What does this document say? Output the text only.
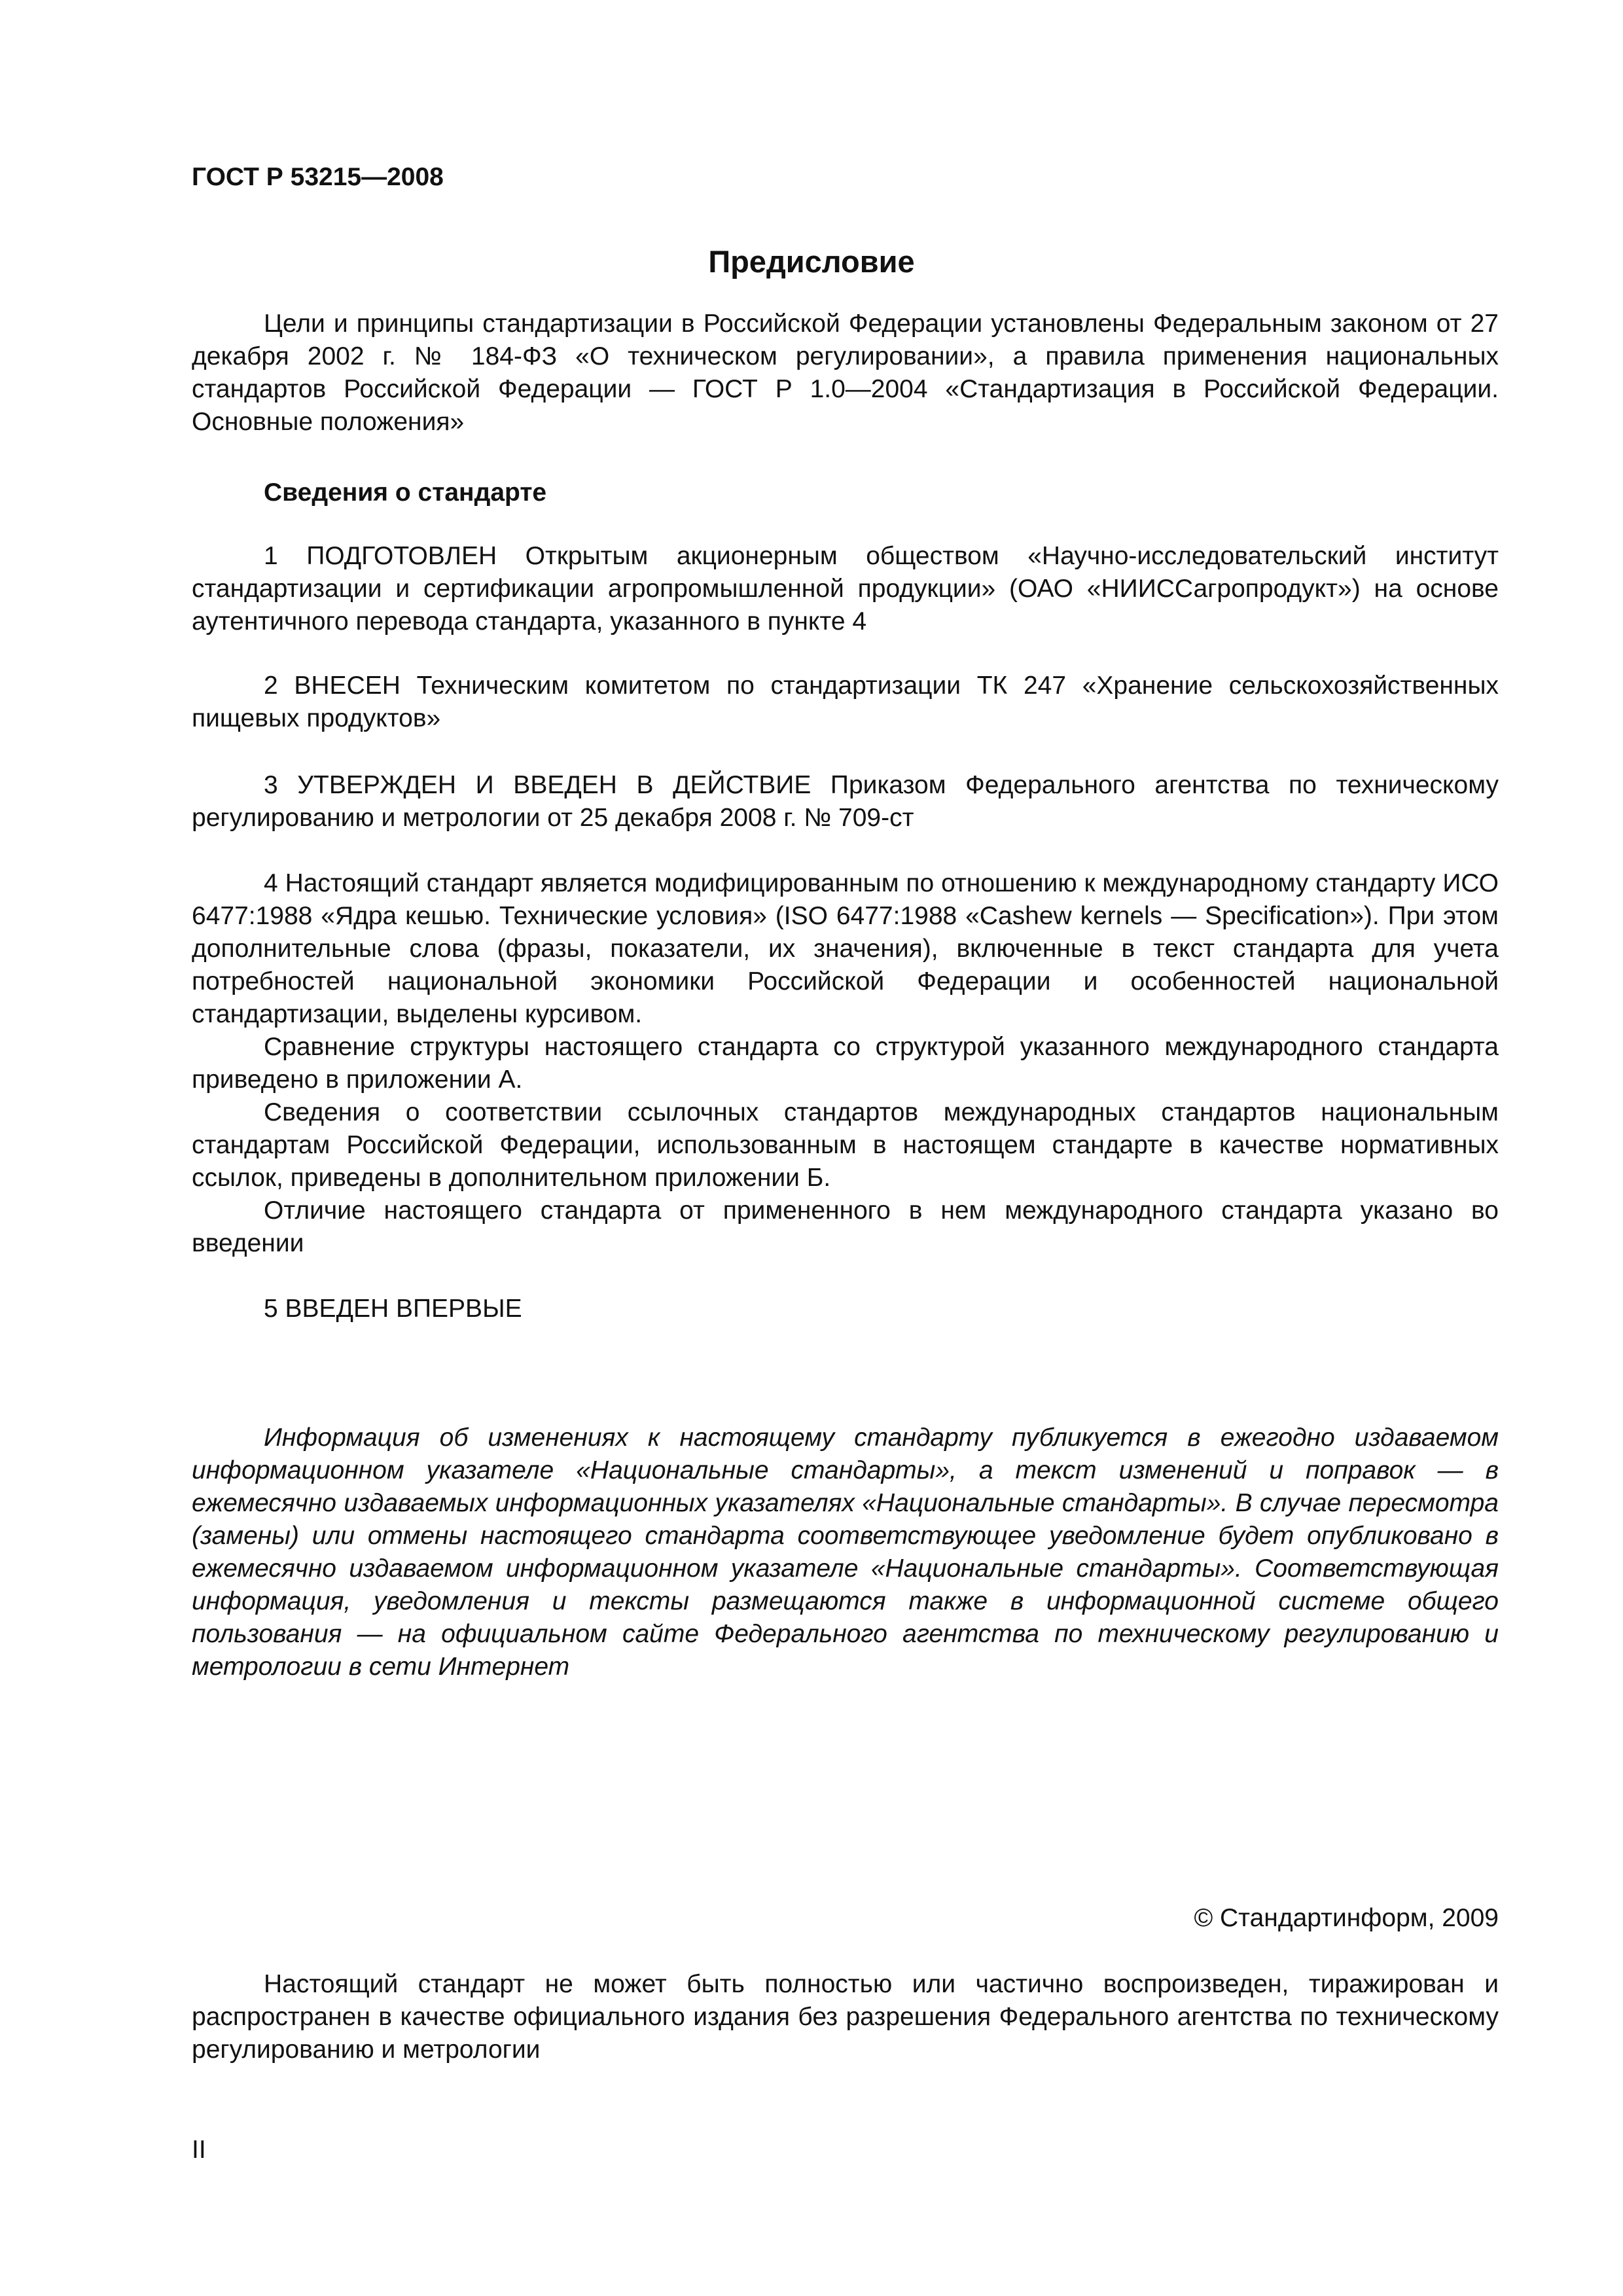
ГОСТ Р 53215—2008

Предисловие

Цели и принципы стандартизации в Российской Федерации установлены Федеральным законом от 27 декабря 2002 г. № 184-ФЗ «О техническом регулировании», а правила применения национальных стандартов Российской Федерации — ГОСТ Р 1.0—2004 «Стандартизация в Российской Федерации. Основные положения»

Сведения о стандарте

1 ПОДГОТОВЛЕН Открытым акционерным обществом «Научно-исследовательский институт стандартизации и сертификации агропромышленной продукции» (ОАО «НИИССагропродукт») на основе аутентичного перевода стандарта, указанного в пункте 4

2 ВНЕСЕН Техническим комитетом по стандартизации ТК 247 «Хранение сельскохозяйственных пищевых продуктов»

3 УТВЕРЖДЕН И ВВЕДЕН В ДЕЙСТВИЕ Приказом Федерального агентства по техническому регулированию и метрологии от 25 декабря 2008 г. № 709-ст

4 Настоящий стандарт является модифицированным по отношению к международному стандарту ИСО 6477:1988 «Ядра кешью. Технические условия» (ISO 6477:1988 «Cashew kernels — Specification»). При этом дополнительные слова (фразы, показатели, их значения), включенные в текст стандарта для учета потребностей национальной экономики Российской Федерации и особенностей национальной стандартизации, выделены курсивом.

Сравнение структуры настоящего стандарта со структурой указанного международного стандарта приведено в приложении А.

Сведения о соответствии ссылочных стандартов международных стандартов национальным стандартам Российской Федерации, использованным в настоящем стандарте в качестве нормативных ссылок, приведены в дополнительном приложении Б.

Отличие настоящего стандарта от примененного в нем международного стандарта указано во введении

5 ВВЕДЕН ВПЕРВЫЕ

Информация об изменениях к настоящему стандарту публикуется в ежегодно издаваемом информационном указателе «Национальные стандарты», а текст изменений и поправок — в ежемесячно издаваемых информационных указателях «Национальные стандарты». В случае пересмотра (замены) или отмены настоящего стандарта соответствующее уведомление будет опубликовано в ежемесячно издаваемом информационном указателе «Национальные стандарты». Соответствующая информация, уведомления и тексты размещаются также в информационной системе общего пользования — на официальном сайте Федерального агентства по техническому регулированию и метрологии в сети Интернет

© Стандартинформ, 2009

Настоящий стандарт не может быть полностью или частично воспроизведен, тиражирован и распространен в качестве официального издания без разрешения Федерального агентства по техническому регулированию и метрологии

II
